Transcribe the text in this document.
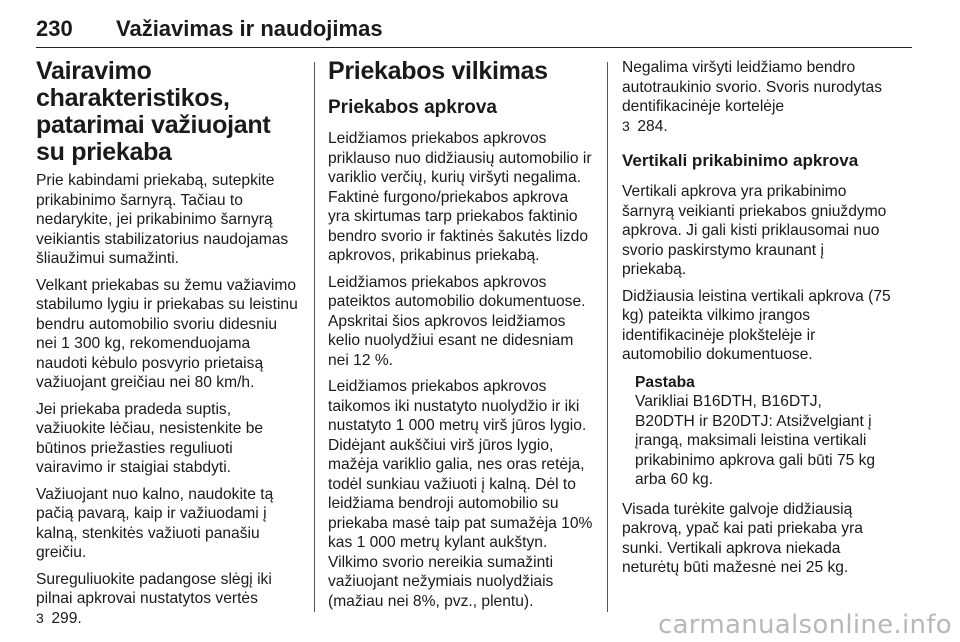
230	Važiavimas ir naudojimas
Vairavimo charakteristikos, patarimai važiuojant su priekaba

Prie kabindami priekabą, sutepkite prikabinimo šarnyrą. Tačiau to nedarykite, jei prikabinimo šarnyrą veikiantis stabilizatorius naudojamas šliaužimui sumažinti.

Velkant priekabas su žemu važiavimo stabilumo lygiu ir priekabas su leistinu bendru automobilio svoriu didesniu nei 1 300 kg, rekomenduojama naudoti kėbulo posvyrio prietaisą važiuojant greičiau nei 80 km/h.

Jei priekaba pradeda suptis, važiuokite lėčiau, nesistenkite be būtinos priežasties reguliuoti vairavimo ir staigiai stabdyti.

Važiuojant nuo kalno, naudokite tą pačią pavarą, kaip ir važiuodami į kalną, stenkitės važiuoti panašiu greičiu.

Sureguliuokite padangose slėgį iki pilnai apkrovai nustatytos vertės
3 299.

Priekabos vilkimas
Priekabos apkrova

Leidžiamos priekabos apkrovos priklauso nuo didžiausių automobilio ir variklio verčių, kurių viršyti negalima. Faktinė furgono/priekabos apkrova yra skirtumas tarp priekabos faktinio bendro svorio ir faktinės šakutės lizdo apkrovos, prikabinus priekabą.

Leidžiamos priekabos apkrovos pateiktos automobilio dokumentuose. Apskritai šios apkrovos leidžiamos kelio nuolydžiui esant ne didesniam nei 12 %.

Leidžiamos priekabos apkrovos taikomos iki nustatyto nuolydžio ir iki nustatyto 1 000 metrų virš jūros lygio. Didėjant aukščiui virš jūros lygio, mažėja variklio galia, nes oras retėja, todėl sunkiau važiuoti į kalną. Dėl to leidžiama bendroji automobilio su priekaba masė taip pat sumažėja 10% kas 1 000 metrų kylant aukštyn. Vilkimo svorio nereikia sumažinti važiuojant nežymiais nuolydžiais (mažiau nei 8%, pvz., plentu).

Negalima viršyti leidžiamo bendro autotraukinio svorio. Svoris nurodytas dentifikacinėje kortelėje
3 284.

Vertikali prikabinimo apkrova

Vertikali apkrova yra prikabinimo šarnyrą veikianti priekabos gniuždymo apkrova. Ji gali kisti priklausomai nuo svorio paskirstymo kraunant į priekabą.

Didžiausia leistina vertikali apkrova (75 kg) pateikta vilkimo įrangos identifikacinėje plokštelėje ir automobilio dokumentuose.

Pastaba

Varikliai B16DTH, B16DTJ,

B20DTH ir B20DTJ: Atsižvelgiant į įrangą, maksimali leistina vertikali prikabinimo apkrova gali būti 75 kg arba 60 kg.

Visada turėkite galvoje didžiausią pakrovą, ypač kai pati priekaba yra sunki. Vertikali apkrova niekada neturėtų būti mažesnė nei 25 kg.

carmanualsonline.info
